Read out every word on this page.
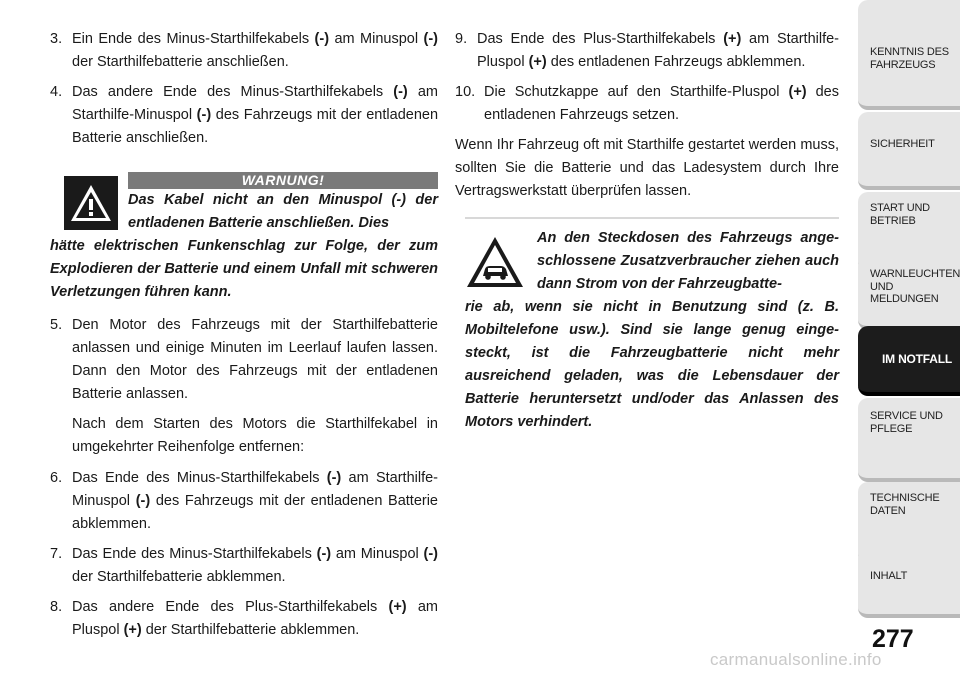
3. Ein Ende des Minus-Starthilfekabels (-) am Minuspol (-) der Starthilfebatterie anschließen.
4. Das andere Ende des Minus-Starthilfekabels (-) am Starthilfe-Minuspol (-) des Fahrzeugs mit der entladenen Batterie anschließen.
WARNUNG!
Das Kabel nicht an den Minuspol (-) der entladenen Batterie anschließen. Dies
hätte elektrischen Funkenschlag zur Folge, der zum Explodieren der Batterie und einem Unfall mit schweren Verletzungen führen kann.
5. Den Motor des Fahrzeugs mit der Starthilfebatterie anlassen und einige Minuten im Leerlauf laufen lassen. Dann den Motor des Fahrzeugs mit der entladenen Batterie anlassen.

Nach dem Starten des Motors die Starthilfekabel in umgekehrter Reihenfolge entfernen:

6. Das Ende des Minus-Starthilfekabels (-) am Starthilfe-Minuspol (-) des Fahrzeugs mit der entladenen Batterie abklemmen.
7. Das Ende des Minus-Starthilfekabels (-) am Minuspol (-) der Starthilfebatterie abklemmen.
8. Das andere Ende des Plus-Starthilfekabels (+) am Pluspol (+) der Starthilfebatterie abklemmen.
9. Das Ende des Plus-Starthilfekabels (+) am Starthilfe-Pluspol (+) des entladenen Fahrzeugs abklemmen.
10. Die Schutzkappe auf den Starthilfe-Pluspol (+) des entladenen Fahrzeugs setzen.

Wenn Ihr Fahrzeug oft mit Starthilfe gestartet werden muss, sollten Sie die Batterie und das Ladesystem durch Ihre Vertragswerkstatt überprüfen lassen.

An den Steckdosen des Fahrzeugs ange-schlossene Zusatzverbraucher ziehen auch dann Strom von der Fahrzeugbatte-
rie ab, wenn sie nicht in Benutzung sind (z. B. Mobiltelefone usw.). Sind sie lange genug einge-steckt, ist die Fahrzeugbatterie nicht mehr ausreichend geladen, was die Lebensdauer der Batterie heruntersetzt und/oder das Anlassen des Motors verhindert.
KENNTNIS DES FAHRZEUGS
SICHERHEIT
START UND BETRIEB
WARNLEUCHTEN UND MELDUNGEN
IM NOTFALL
SERVICE UND PFLEGE
TECHNISCHE DATEN
INHALT
277
carmanualsonline.info
